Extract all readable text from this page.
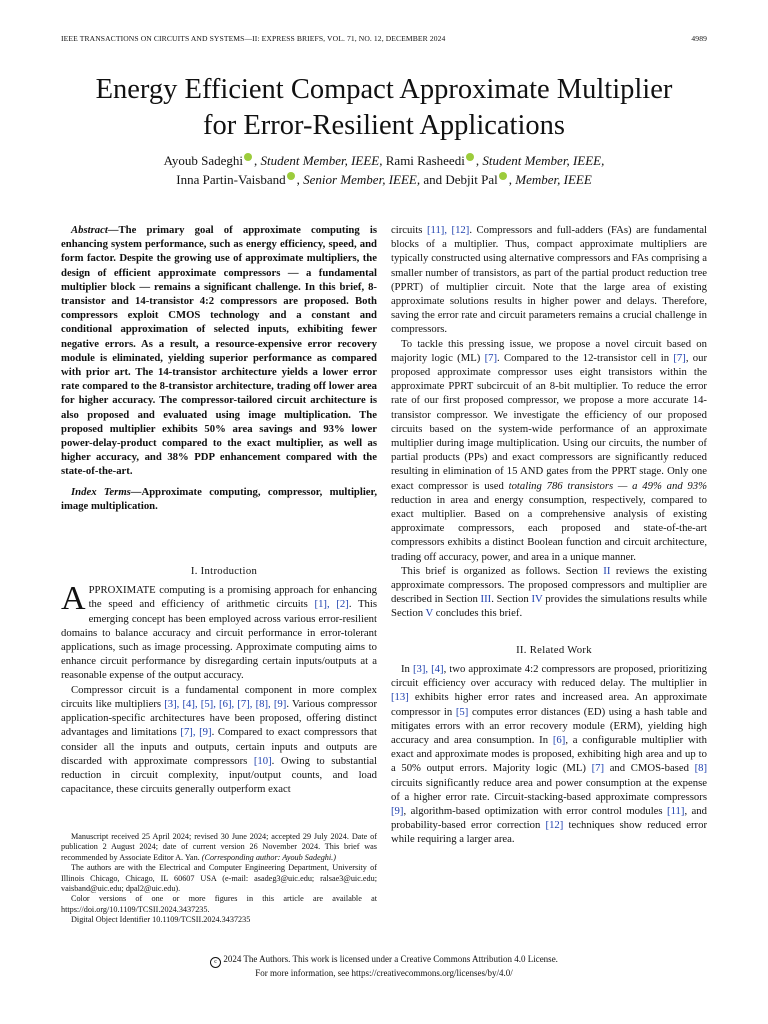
IEEE TRANSACTIONS ON CIRCUITS AND SYSTEMS—II: EXPRESS BRIEFS, VOL. 71, NO. 12, DECEMBER 2024	4989
Energy Efficient Compact Approximate Multiplier
for Error-Resilient Applications
Ayoub Sadeghi , Student Member, IEEE, Rami Rasheedi , Student Member, IEEE,
Inna Partin-Vaisband , Senior Member, IEEE, and Debjit Pal , Member, IEEE

Abstract—The primary goal of approximate computing is enhancing system performance, such as energy efficiency, speed, and form factor. Despite the growing use of approximate multipliers, the design of efficient approximate compressors — a fundamental multiplier block — remains a significant challenge. In this brief, 8-transistor and 14-transistor 4:2 compressors are proposed. Both compressors exploit CMOS technology and a constant and conditional approximation of selected inputs, exhibiting fewer negative errors. As a result, a resource-expensive error recovery module is eliminated, yielding superior performance as compared with prior art. The 14-transistor architecture yields a lower error rate compared to the 8-transistor architecture, trading off lower area for higher accuracy. The compressor-tailored circuit architecture is also proposed and evaluated using image multiplication. The proposed multiplier exhibits 50% area savings and 93% lower power-delay-product compared to the exact multiplier, as well as higher accuracy, and 38% PDP enhancement compared with the state-of-the-art.

Index Terms—Approximate computing, compressor, multiplier, image multiplication.

I. Introduction

APPROXIMATE computing is a promising approach for enhancing the speed and efficiency of arithmetic circuits [1], [2]. This emerging concept has been employed across various error-resilient domains to balance accuracy and circuit performance in error-tolerant applications, such as image processing. Approximate computing aims to enhance circuit performance by disregarding certain inputs/outputs at a reasonable expense of the output accuracy.

Compressor circuit is a fundamental component in more complex circuits like multipliers [3], [4], [5], [6], [7], [8], [9]. Various compressor application-specific architectures have been proposed, offering distinct advantages and limitations [7], [9]. Compared to exact compressors that consider all the inputs and outputs, certain inputs and outputs are discarded with approximate compressors [10]. Owing to substantial reduction in circuit complexity, input/output counts, and load capacitance, these circuits generally outperform exact

Manuscript received 25 April 2024; revised 30 June 2024; accepted 29 July 2024. Date of publication 2 August 2024; date of current version 26 November 2024. This brief was recommended by Associate Editor A. Yan. (Corresponding author: Ayoub Sadeghi.)

The authors are with the Electrical and Computer Engineering Department, University of Illinois Chicago, Chicago, IL 60607 USA (e-mail: asadeg3@uic.edu; ralsae3@uic.edu; vaisband@uic.edu; dpal2@uic.edu).

Color versions of one or more figures in this article are available at https://doi.org/10.1109/TCSII.2024.3437235.

Digital Object Identifier 10.1109/TCSII.2024.3437235

circuits [11], [12]. Compressors and full-adders (FAs) are fundamental blocks of a multiplier. Thus, compact approximate multipliers are typically constructed using alternative compressors and FAs comprising a smaller number of transistors, as part of the partial product reduction tree (PPRT) of multiplier circuit. Note that the large area of existing approximate solutions results in higher power and delays. Therefore, saving the error rate and circuit parameters remains a crucial challenge in compressors.

To tackle this pressing issue, we propose a novel circuit based on majority logic (ML) [7]. Compared to the 12-transistor cell in [7], our proposed approximate compressor uses eight transistors within the approximate PPRT subcircuit of an 8-bit multiplier. To reduce the error rate of our first proposed compressor, we propose a more accurate 14-transistor compressor. We investigate the efficiency of our proposed circuits based on the system-wide performance of an approximate multiplier during image multiplication. Using our circuits, the number of partial products (PPs) and exact compressors are significantly reduced resulting in elimination of 15 AND gates from the PPRT stage. Only one exact compressor is used totaling 786 transistors — a 49% and 93% reduction in area and energy consumption, respectively, compared to exact multiplier. Based on a comprehensive analysis of existing approximate compressors, each proposed and state-of-the-art compressors exhibits a distinct Boolean function and circuit architecture, trading off accuracy, power, and area in a unique manner.

This brief is organized as follows. Section II reviews the existing approximate compressors. The proposed compressors and multiplier are described in Section III. Section IV provides the simulations results while Section V concludes this brief.

II. Related Work

In [3], [4], two approximate 4:2 compressors are proposed, prioritizing circuit efficiency over accuracy with reduced delay. The multiplier in [13] exhibits higher error rates and increased area. An approximate compressor in [5] computes error distances (ED) using a hash table and mitigates errors with an error recovery module (ERM), yielding high accuracy and area consumption. In [6], a configurable multiplier with exact and approximate modes is proposed, exhibiting high area and up to a 50% output errors. Majority logic (ML) [7] and CMOS-based [8] circuits significantly reduce area and power consumption at the expense of a higher error rate. Circuit-stacking-based approximate compressors [9], algorithm-based optimization with error control modules [11], and probability-based error correction [12] techniques show reduced error while requiring a larger area.

c 2024 The Authors. This work is licensed under a Creative Commons Attribution 4.0 License.
For more information, see https://creativecommons.org/licenses/by/4.0/
